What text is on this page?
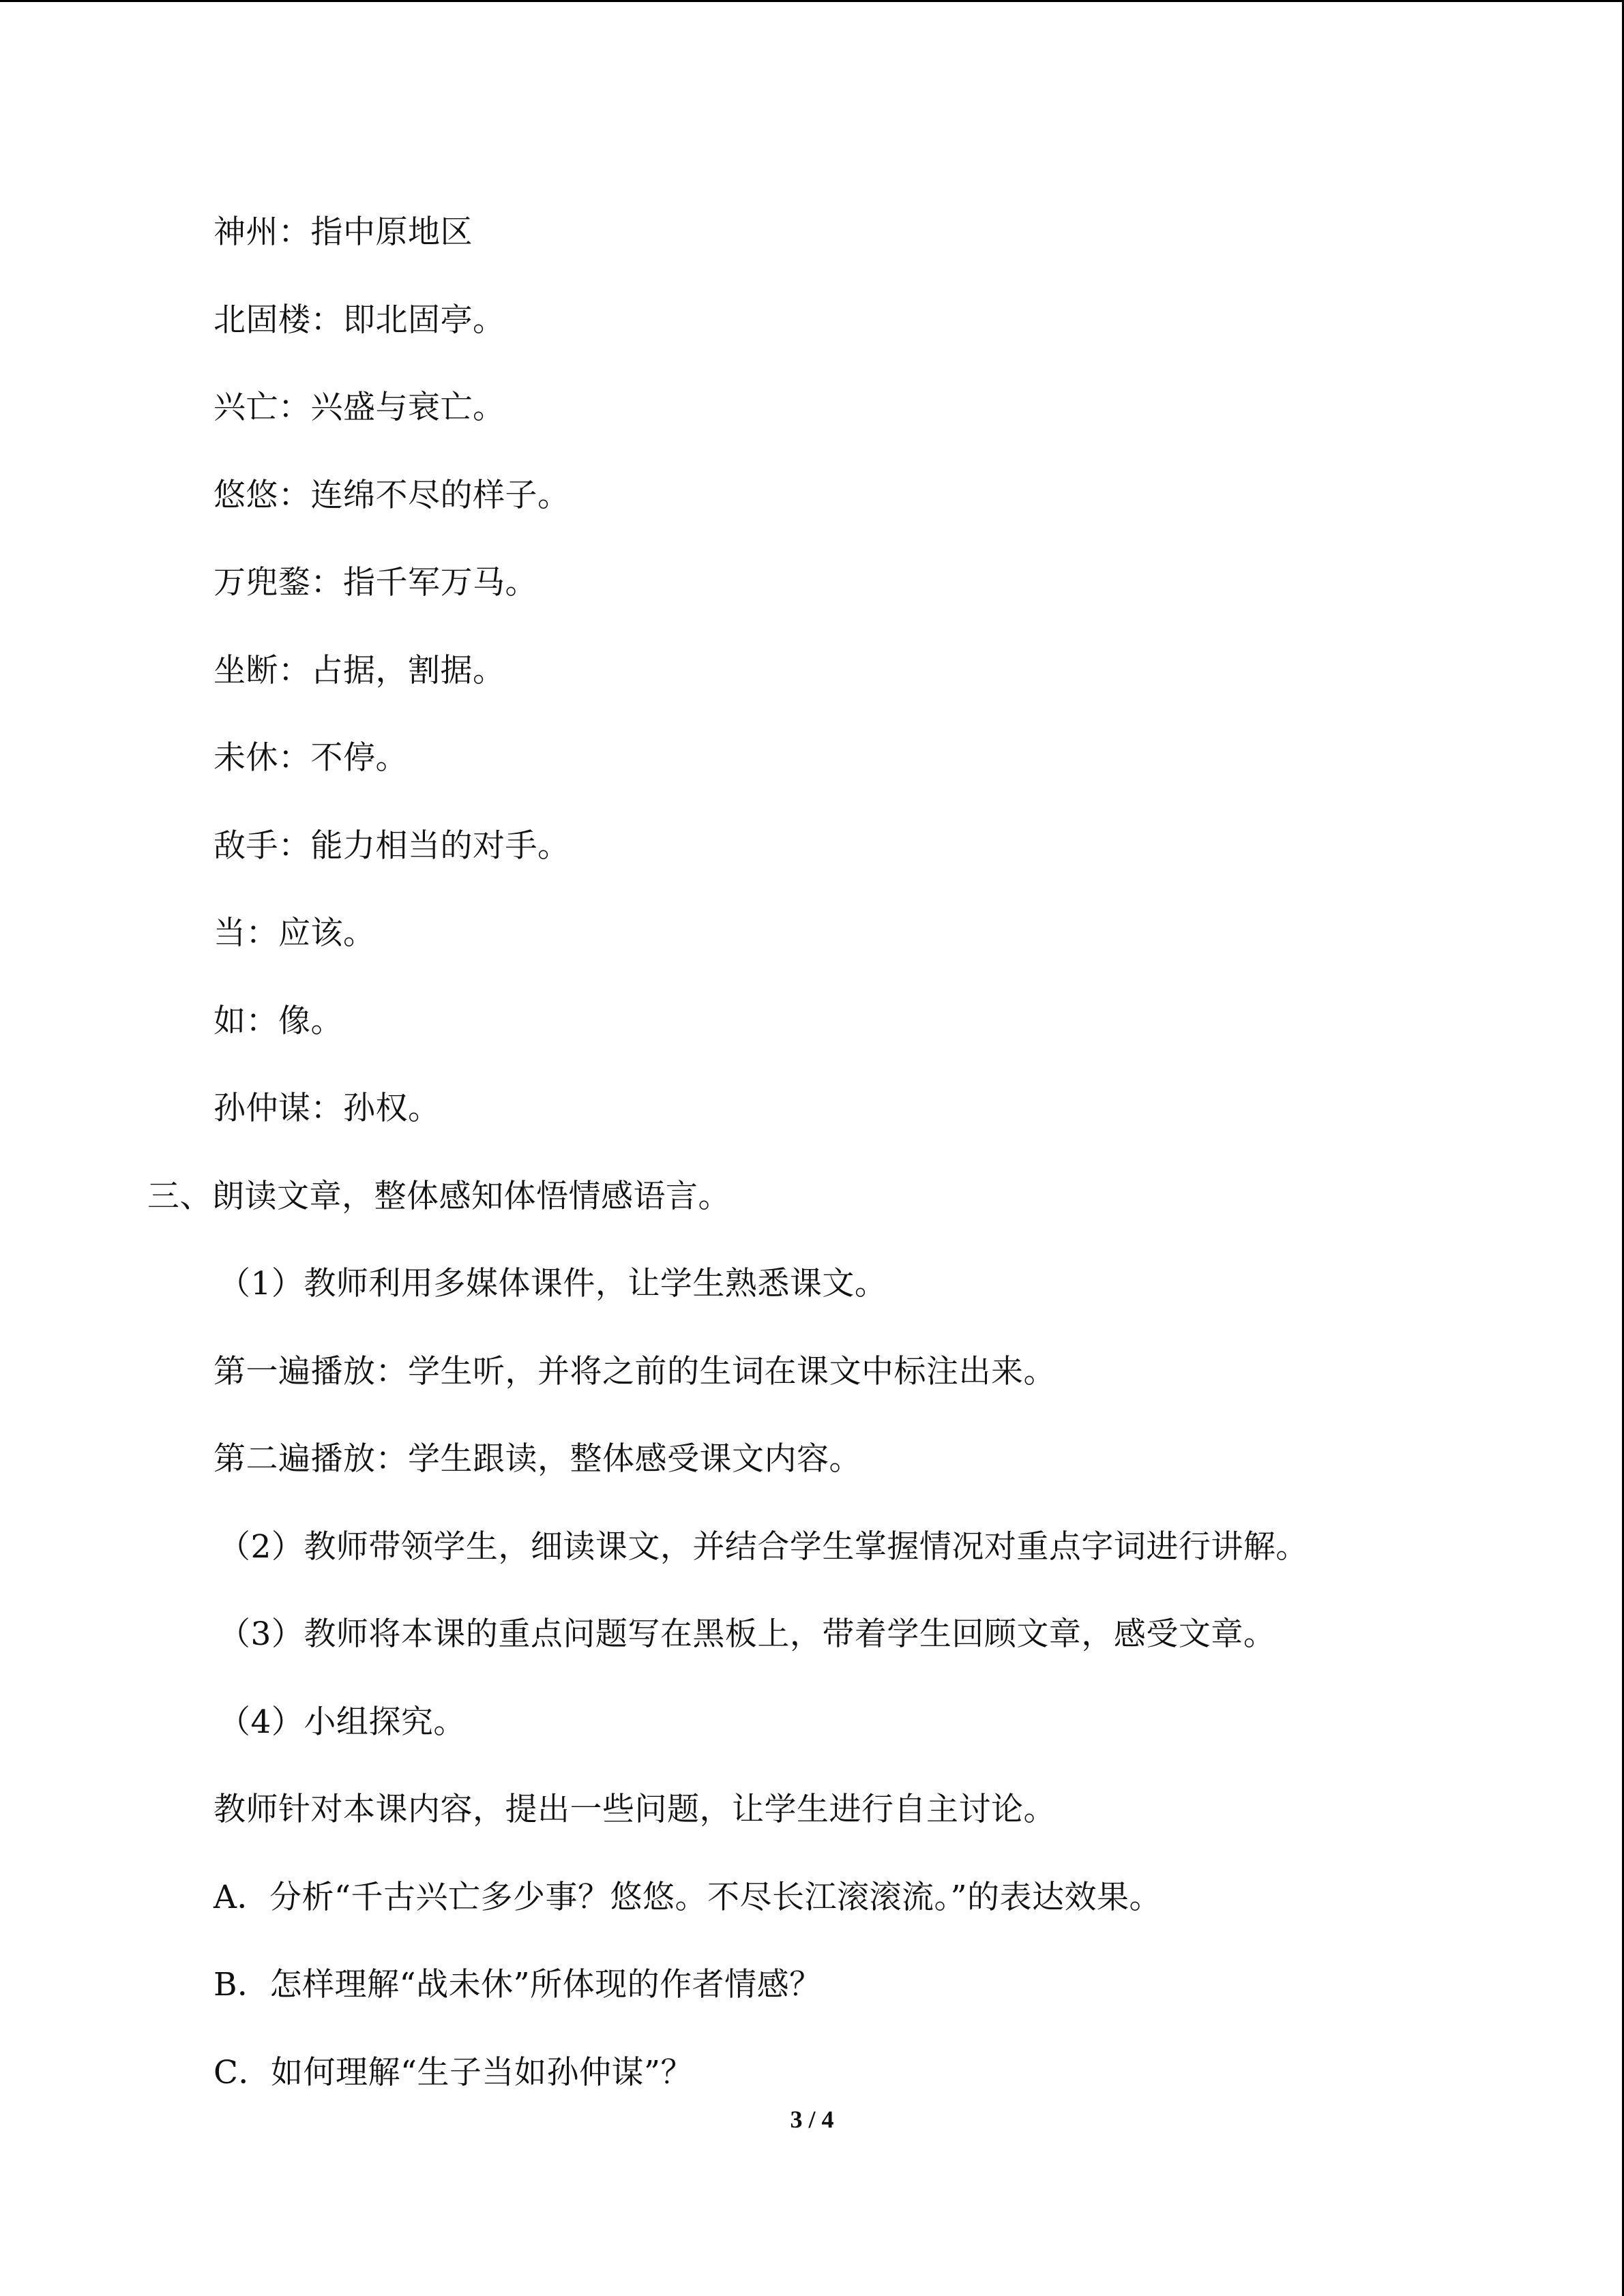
神州：指中原地区
北固楼：即北固亭。
兴亡：兴盛与衰亡。
悠悠：连绵不尽的样子。
万兜鍪：指千军万马。
坐断：占据，割据。
未休：不停。
敌手：能力相当的对手。
当：应该。
如：像。
孙仲谋：孙权。
三、朗读文章，整体感知体悟情感语言。
（1）教师利用多媒体课件，让学生熟悉课文。
第一遍播放：学生听，并将之前的生词在课文中标注出来。
第二遍播放：学生跟读，整体感受课文内容。
（2）教师带领学生，细读课文，并结合学生掌握情况对重点字词进行讲解。
（3）教师将本课的重点问题写在黑板上，带着学生回顾文章，感受文章。
（4）小组探究。
教师针对本课内容，提出一些问题，让学生进行自主讨论。
A．分析“千古兴亡多少事？悠悠。不尽长江滚滚流。”的表达效果。
B．怎样理解“战未休”所体现的作者情感？
C．如何理解“生子当如孙仲谋”？
3 / 4
